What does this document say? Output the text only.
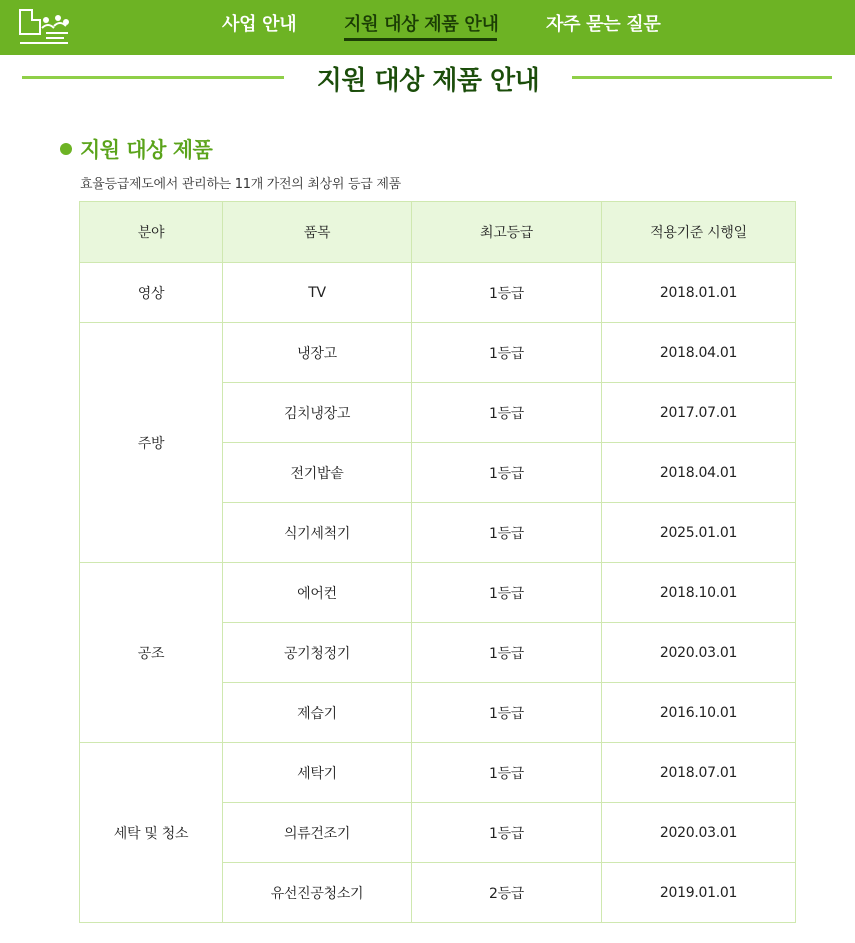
사업 안내	지원 대상 제품 안내	자주 묻는 질문
지원 대상 제품 안내
지원 대상 제품
효율등급제도에서 관리하는 11개 가전의 최상위 등급 제품
분야	품목	최고등급	적용기준 시행일
영상	TV	1등급	2018.01.01
주방	냉장고	1등급	2018.04.01
	김치냉장고	1등급	2017.07.01
	전기밥솥	1등급	2018.04.01
	식기세척기	1등급	2025.01.01
공조	에어컨	1등급	2018.10.01
	공기청정기	1등급	2020.03.01
	제습기	1등급	2016.10.01
세탁 및 청소	세탁기	1등급	2018.07.01
	의류건조기	1등급	2020.03.01
	유선진공청소기	2등급	2019.01.01
